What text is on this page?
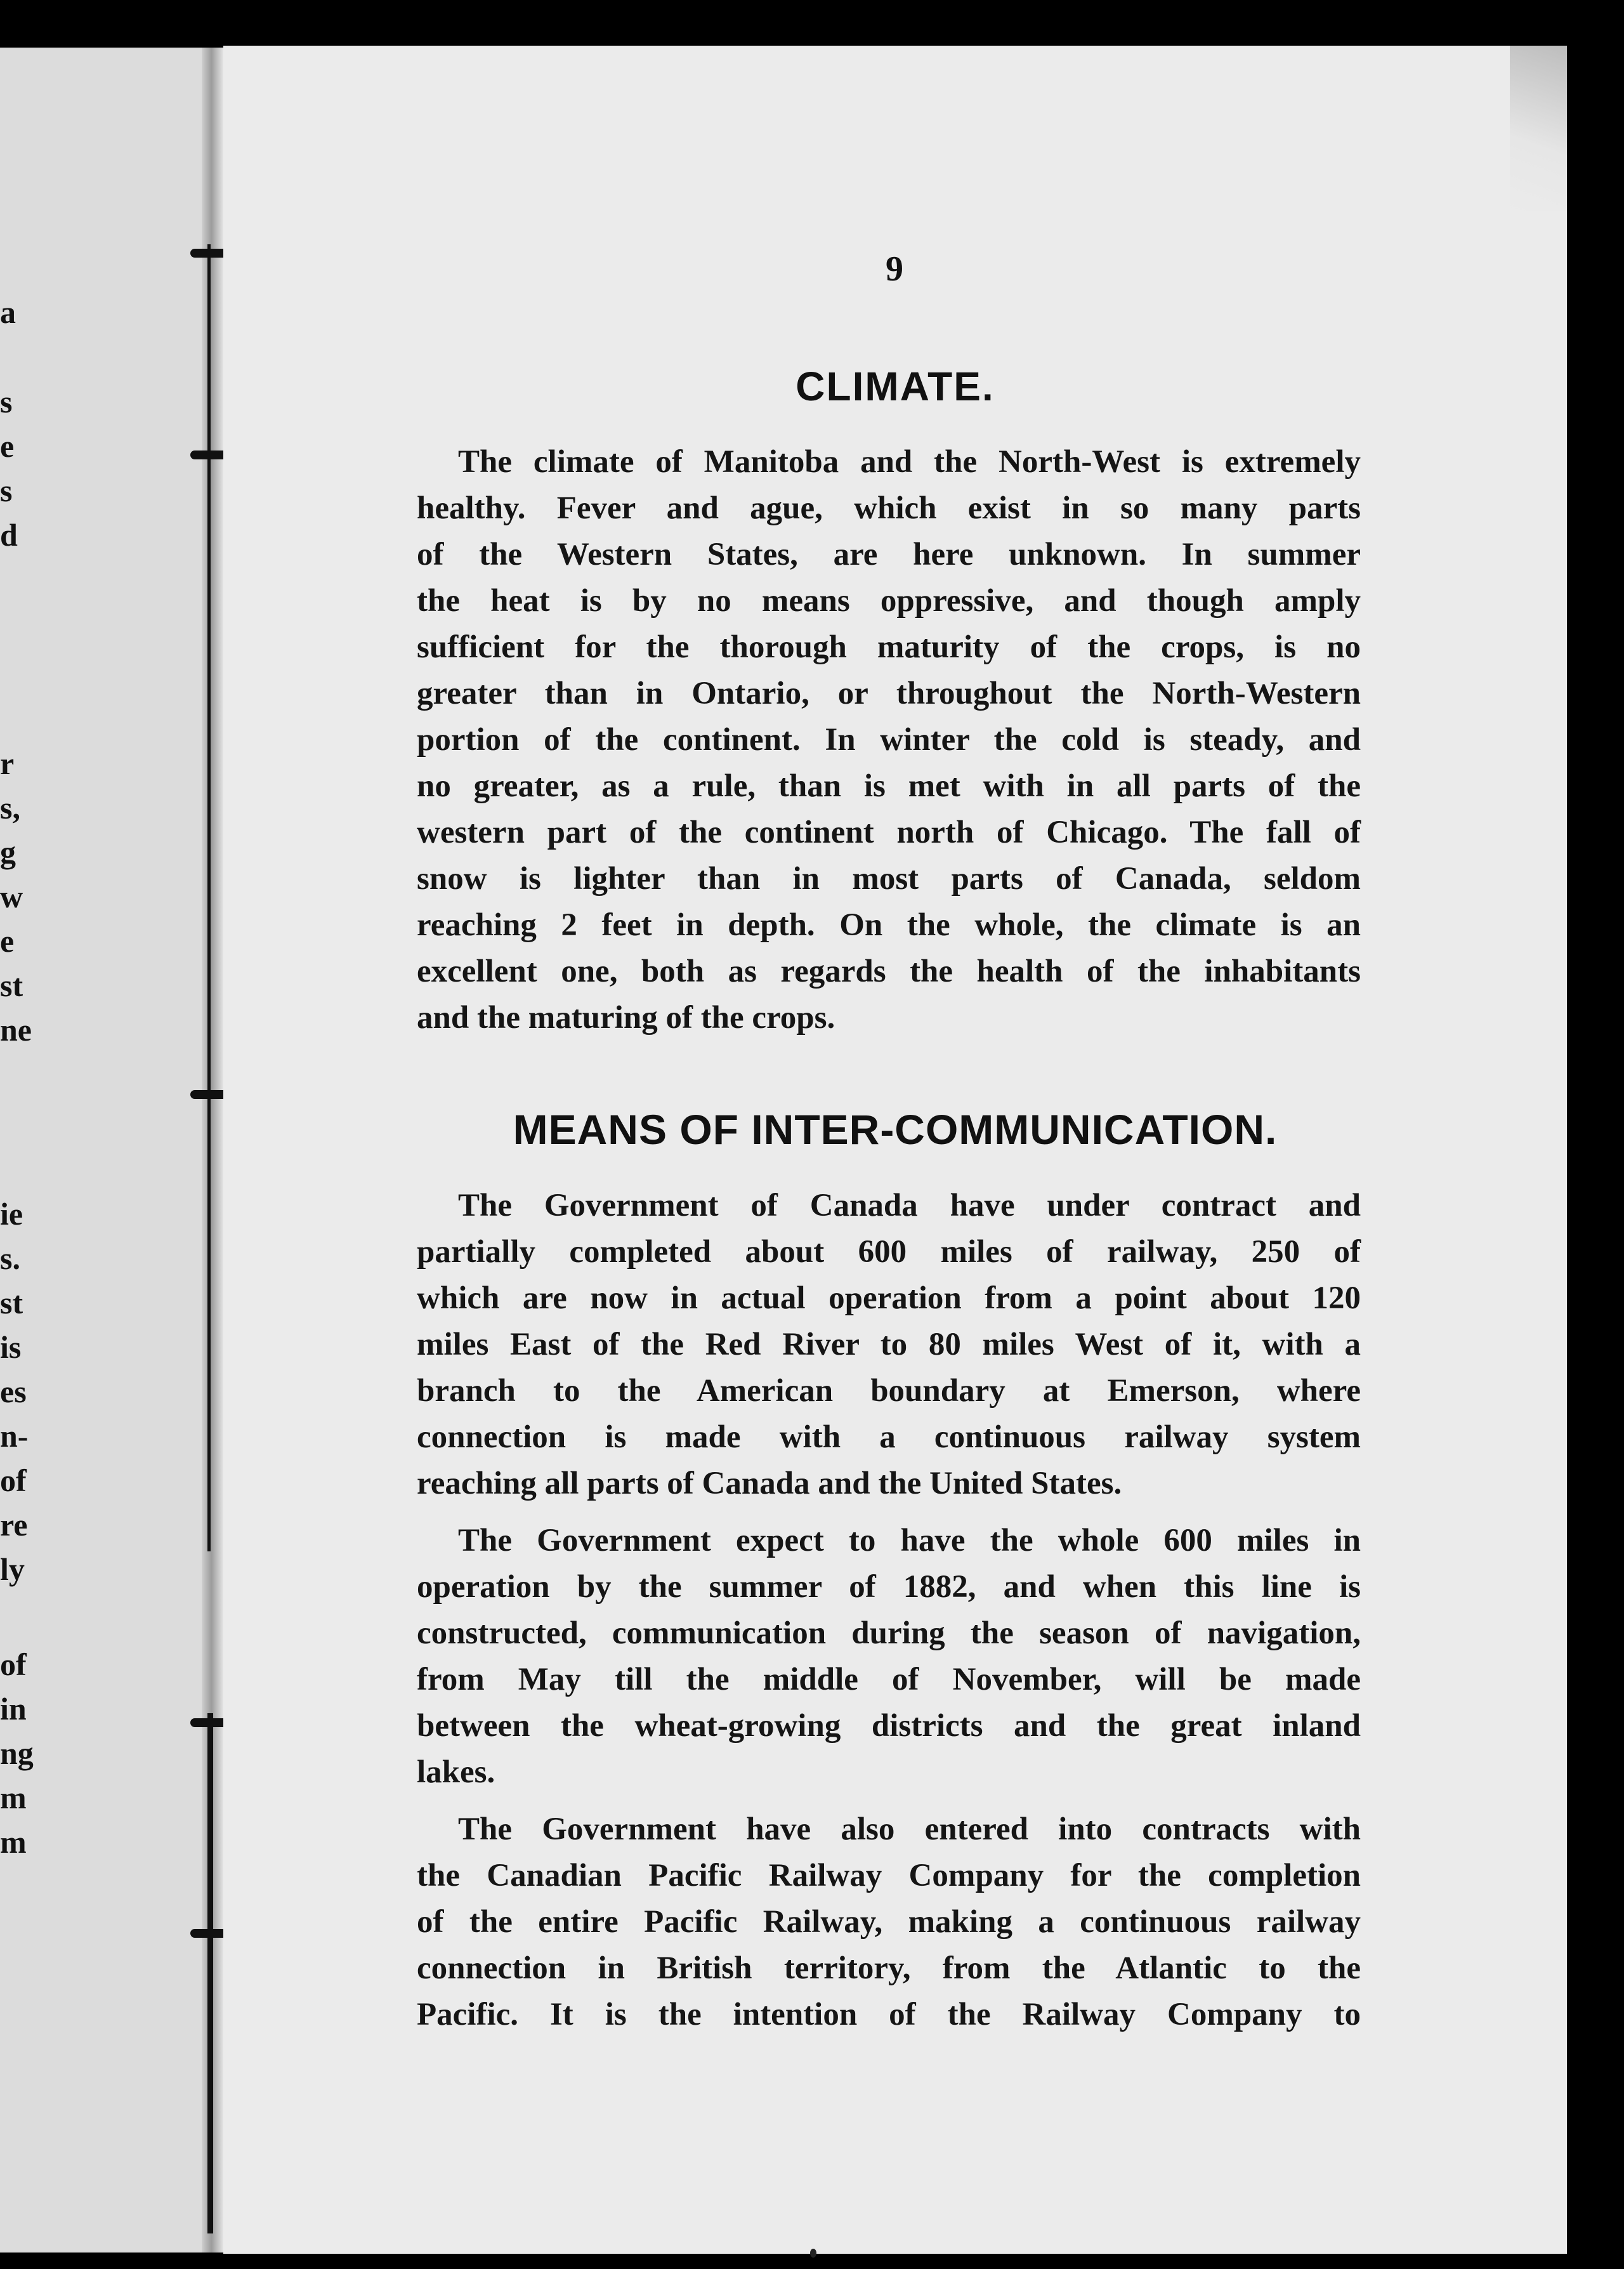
a
s
e
s
d
r
s,
g
w
e
st
ne
ie
s.
st
is
es
n-
of
re
ly
of
in
ng
m
m
9
CLIMATE.
The climate of Manitoba and the North-West is extremely
healthy. Fever and ague, which exist in so many parts
of the Western States, are here unknown. In summer
the heat is by no means oppressive, and though amply
sufficient for the thorough maturity of the crops, is no
greater than in Ontario, or throughout the North-Western
portion of the continent. In winter the cold is steady, and
no greater, as a rule, than is met with in all parts of the
western part of the continent north of Chicago. The fall of
snow is lighter than in most parts of Canada, seldom
reaching 2 feet in depth. On the whole, the climate is an
excellent one, both as regards the health of the inhabitants
and the maturing of the crops.
MEANS OF INTER-COMMUNICATION.
The Government of Canada have under contract and
partially completed about 600 miles of railway, 250 of
which are now in actual operation from a point about 120
miles East of the Red River to 80 miles West of it, with a
branch to the American boundary at Emerson, where
connection is made with a continuous railway system
reaching all parts of Canada and the United States.
The Government expect to have the whole 600 miles in
operation by the summer of 1882, and when this line is
constructed, communication during the season of navigation,
from May till the middle of November, will be made
between the wheat-growing districts and the great inland
lakes.
The Government have also entered into contracts with
the Canadian Pacific Railway Company for the completion
of the entire Pacific Railway, making a continuous railway
connection in British territory, from the Atlantic to the
Pacific. It is the intention of the Railway Company to
